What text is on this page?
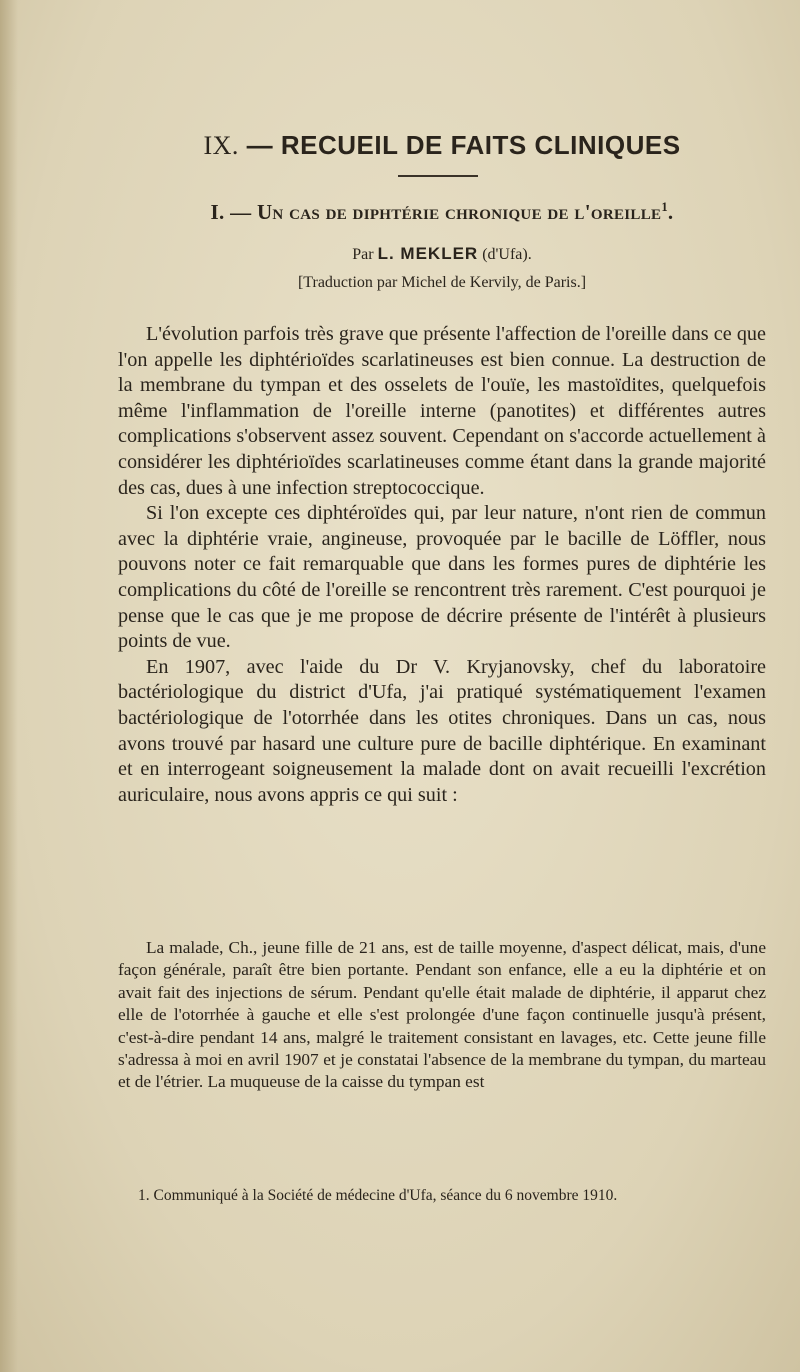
IX. — RECUEIL DE FAITS CLINIQUES
I. — Un cas de diphtérie chronique de l'oreille$^1$.
Par L. MEKLER (d'Ufa).
[Traduction par Michel de Kervily, de Paris.]

L'évolution parfois très grave que présente l'affection de l'oreille dans ce que l'on appelle les diphtérioïdes scarlatineuses est bien connue. La destruction de la membrane du tympan et des osselets de l'ouïe, les mastoïdites, quelquefois même l'inflammation de l'oreille interne (panotites) et différentes autres complications s'observent assez souvent. Cependant on s'accorde actuellement à considérer les diphtérioïdes scarlatineuses comme étant dans la grande majorité des cas, dues à une infection streptococcique.

Si l'on excepte ces diphtéroïdes qui, par leur nature, n'ont rien de commun avec la diphtérie vraie, angineuse, provoquée par le bacille de Löffler, nous pouvons noter ce fait remarquable que dans les formes pures de diphtérie les complications du côté de l'oreille se rencontrent très rarement. C'est pourquoi je pense que le cas que je me propose de décrire présente de l'intérêt à plusieurs points de vue.

En 1907, avec l'aide du Dr V. Kryjanovsky, chef du laboratoire bactériologique du district d'Ufa, j'ai pratiqué systématiquement l'examen bactériologique de l'otorrhée dans les otites chroniques. Dans un cas, nous avons trouvé par hasard une culture pure de bacille diphtérique. En examinant et en interrogeant soigneusement la malade dont on avait recueilli l'excrétion auriculaire, nous avons appris ce qui suit :

La malade, Ch., jeune fille de 21 ans, est de taille moyenne, d'aspect délicat, mais, d'une façon générale, paraît être bien portante. Pendant son enfance, elle a eu la diphtérie et on avait fait des injections de sérum. Pendant qu'elle était malade de diphtérie, il apparut chez elle de l'otorrhée à gauche et elle s'est prolongée d'une façon continuelle jusqu'à présent, c'est-à-dire pendant 14 ans, malgré le traitement consistant en lavages, etc. Cette jeune fille s'adressa à moi en avril 1907 et je constatai l'absence de la membrane du tympan, du marteau et de l'étrier. La muqueuse de la caisse du tympan est

1. Communiqué à la Société de médecine d'Ufa, séance du 6 novembre 1910.
